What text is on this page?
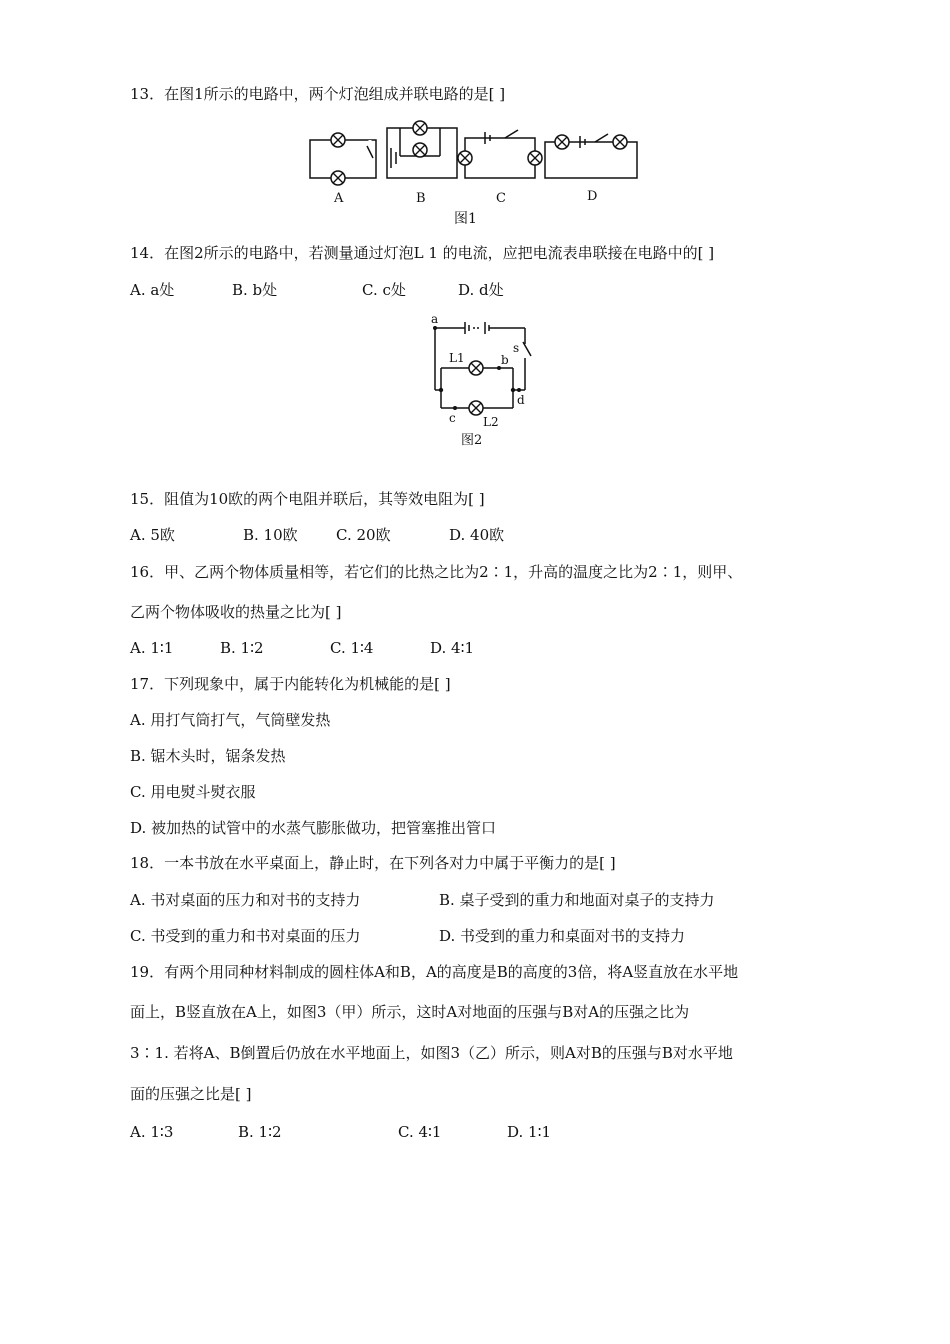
13．在图1所示的电路中，两个灯泡组成并联电路的是[ ]
A	B	C	D
图1
14．在图2所示的电路中，若测量通过灯泡L 1 的电流，应把电流表串联接在电路中的[ ]
A. a处	B. b处	C. c处	D. d处
a
b
c
d
s
L1
L2
图2
15．阻值为10欧的两个电阻并联后，其等效电阻为[ ]
A. 5欧	B. 10欧	C. 20欧	D. 40欧
16．甲、乙两个物体质量相等，若它们的比热之比为2∶1，升高的温度之比为2∶1，则甲、
乙两个物体吸收的热量之比为[ ]
A. 1∶1	B. 1∶2	C. 1∶4	D. 4∶1
17．下列现象中，属于内能转化为机械能的是[ ]
A. 用打气筒打气，气筒壁发热
B. 锯木头时，锯条发热
C. 用电熨斗熨衣服
D. 被加热的试管中的水蒸气膨胀做功，把管塞推出管口
18．一本书放在水平桌面上，静止时，在下列各对力中属于平衡力的是[ ]
A. 书对桌面的压力和对书的支持力	B. 桌子受到的重力和地面对桌子的支持力
C. 书受到的重力和书对桌面的压力	D. 书受到的重力和桌面对书的支持力
19．有两个用同种材料制成的圆柱体A和B，A的高度是B的高度的3倍，将A竖直放在水平地
面上，B竖直放在A上，如图3（甲）所示，这时A对地面的压强与B对A的压强之比为
3∶1. 若将A、B倒置后仍放在水平地面上，如图3（乙）所示，则A对B的压强与B对水平地
面的压强之比是[ ]
A. 1∶3	B. 1∶2	C. 4∶1	D. 1∶1
